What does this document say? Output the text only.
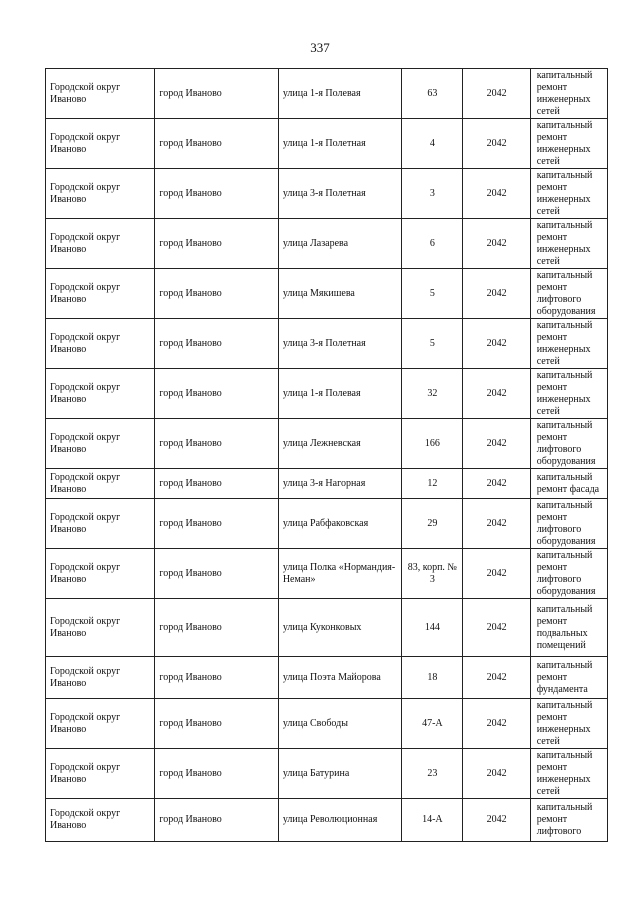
337
Городской округ Иваново	город Иваново	улица 1-я Полевая	63	2042	капитальный ремонт инженерных сетей
Городской округ Иваново	город Иваново	улица 1-я Полетная	4	2042	капитальный ремонт инженерных сетей
Городской округ Иваново	город Иваново	улица 3-я Полетная	3	2042	капитальный ремонт инженерных сетей
Городской округ Иваново	город Иваново	улица Лазарева	6	2042	капитальный ремонт инженерных сетей
Городской округ Иваново	город Иваново	улица Мякишева	5	2042	капитальный ремонт лифтового оборудования
Городской округ Иваново	город Иваново	улица 3-я Полетная	5	2042	капитальный ремонт инженерных сетей
Городской округ Иваново	город Иваново	улица 1-я Полевая	32	2042	капитальный ремонт инженерных сетей
Городской округ Иваново	город Иваново	улица Лежневская	166	2042	капитальный ремонт лифтового оборудования
Городской округ Иваново	город Иваново	улица 3-я Нагорная	12	2042	капитальный ремонт фасада
Городской округ Иваново	город Иваново	улица Рабфаковская	29	2042	капитальный ремонт лифтового оборудования
Городской округ Иваново	город Иваново	улица Полка «Нормандия-Неман»	83, корп. № 3	2042	капитальный ремонт лифтового оборудования
Городской округ Иваново	город Иваново	улица Куконковых	144	2042	капитальный ремонт подвальных помещений
Городской округ Иваново	город Иваново	улица Поэта Майорова	18	2042	капитальный ремонт фундамента
Городской округ Иваново	город Иваново	улица Свободы	47-А	2042	капитальный ремонт инженерных сетей
Городской округ Иваново	город Иваново	улица Батурина	23	2042	капитальный ремонт инженерных сетей
Городской округ Иваново	город Иваново	улица Революционная	14-А	2042	капитальный ремонт лифтового
